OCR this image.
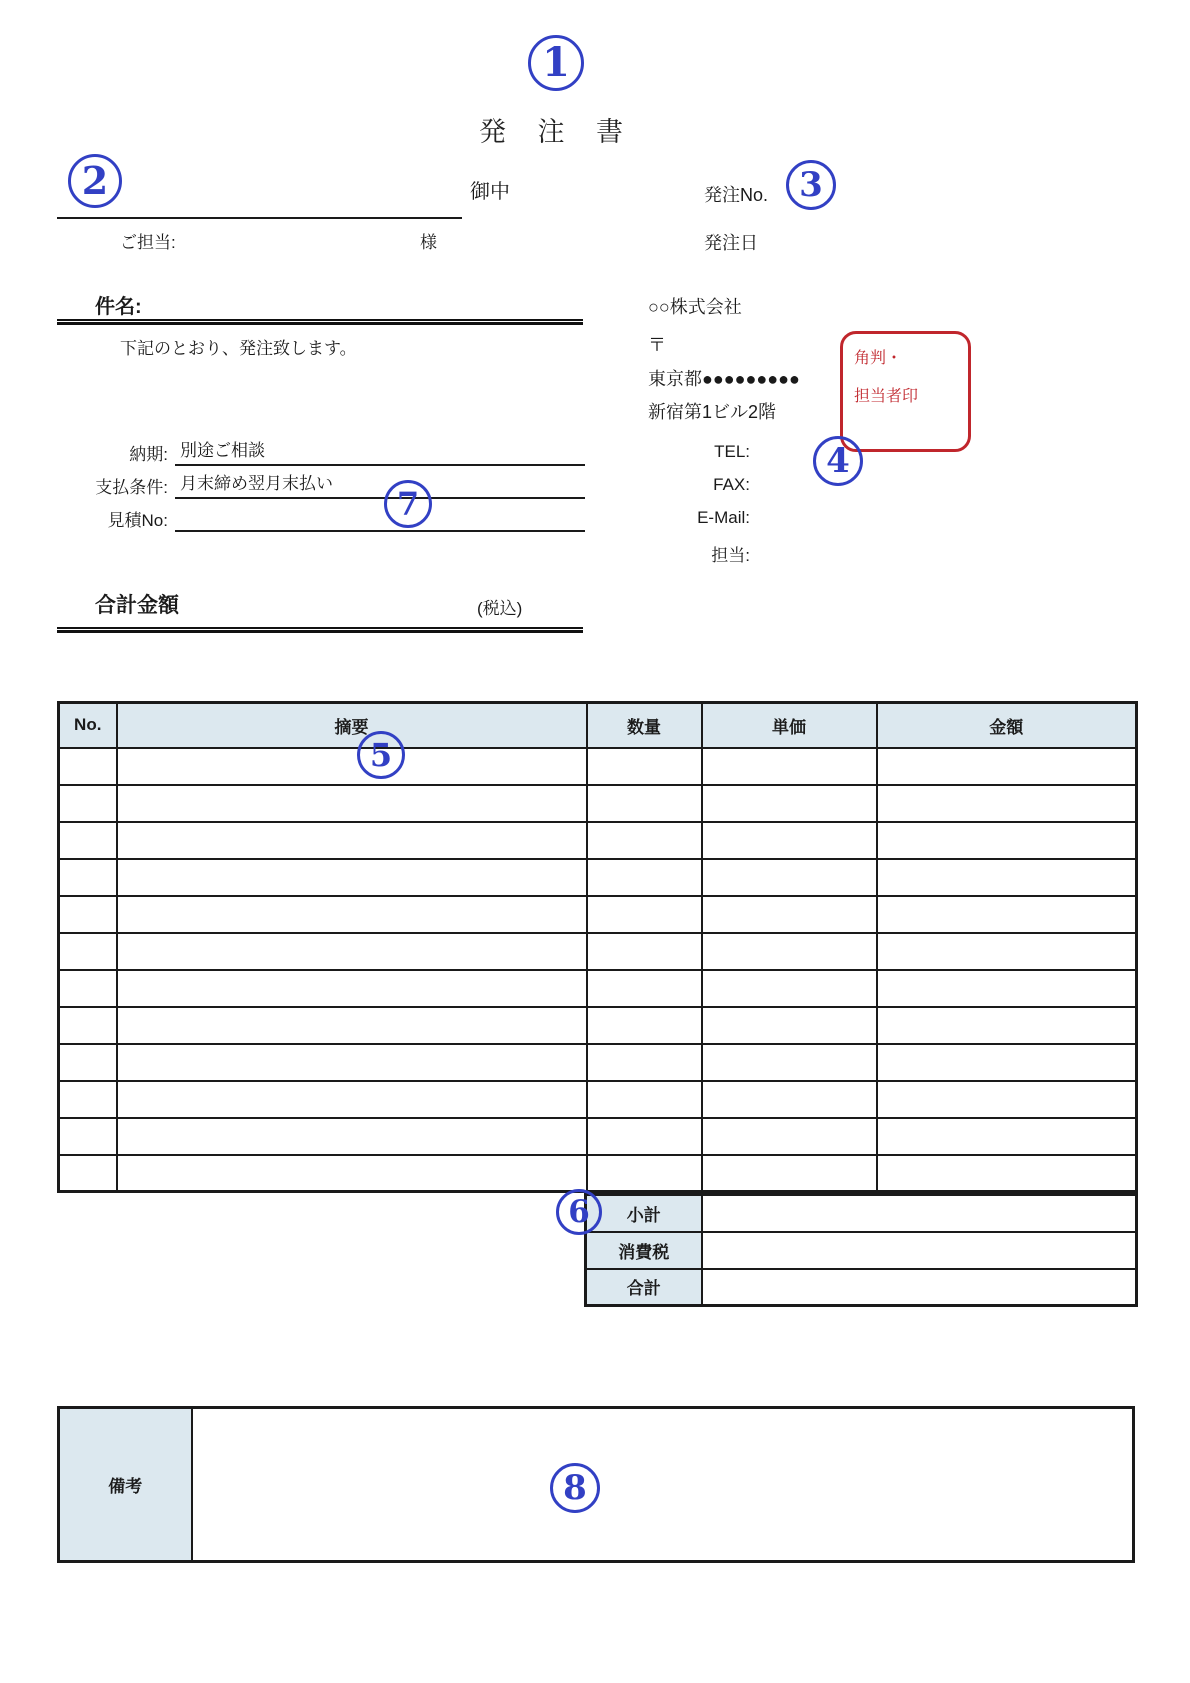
1
2	3
4
5
6
7
8
発 注 書
御中
ご担当:	様
発注No.
発注日
件名:
下記のとおり、発注致します。
○○株式会社
〒
東京都●●●●●●●●●
新宿第1ビル2階
TEL:
FAX:
E-Mail:
担当:
角判・
担当者印
納期: 別途ご相談
支払条件: 月末締め翌月末払い
見積No:
合計金額	(税込)
No.	摘要	数量	単価	金額

小計	
消費税	
合計	
備考	
